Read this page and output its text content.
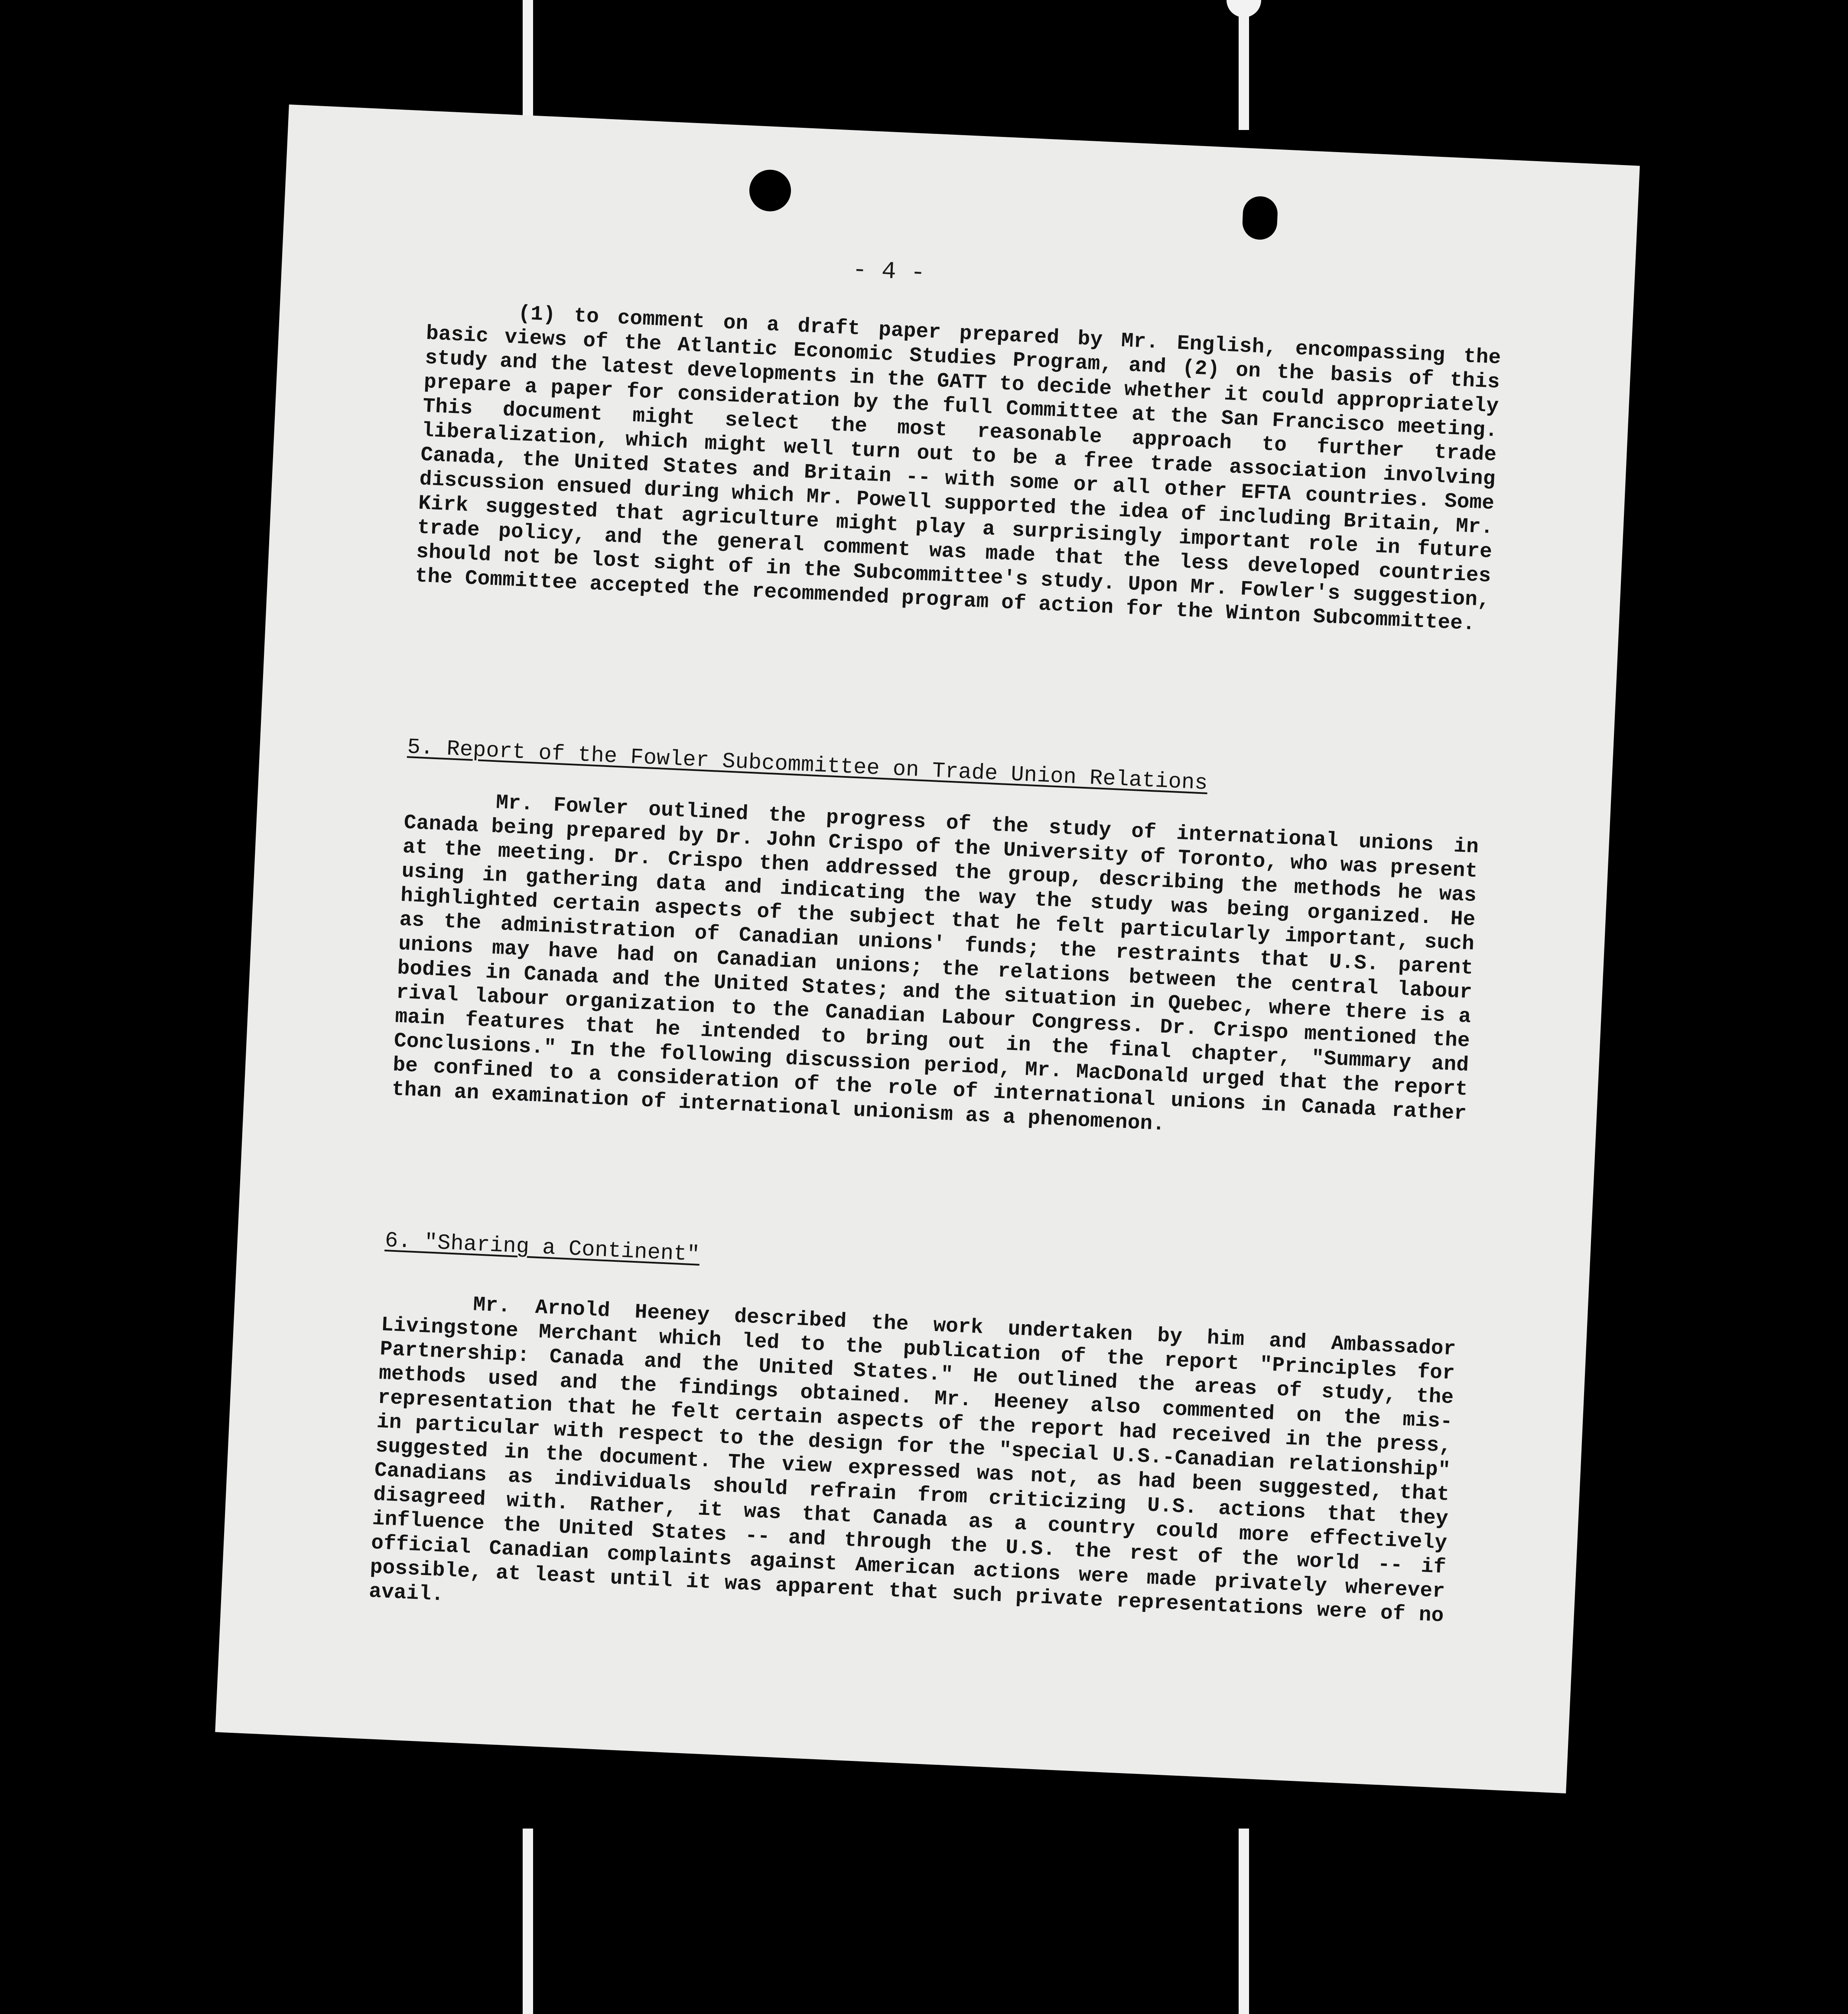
- 4 -

(1) to comment on a draft paper prepared by Mr. English, encompassing the basic views of the Atlantic Economic Studies Program, and (2) on the basis of this study and the latest developments in the GATT to decide whether it could appropriately prepare a paper for consideration by the full Committee at the San Francisco meeting. This document might select the most reasonable approach to further trade liberalization, which might well turn out to be a free trade association involving Canada, the United States and Britain -- with some or all other EFTA countries. Some discussion ensued during which Mr. Powell supported the idea of including Britain, Mr. Kirk suggested that agriculture might play a surprisingly important role in future trade policy, and the general comment was made that the less developed countries should not be lost sight of in the Subcommittee's study. Upon Mr. Fowler's suggestion, the Committee accepted the recommended program of action for the Winton Subcommittee.

5. Report of the Fowler Subcommittee on Trade Union Relations

Mr. Fowler outlined the progress of the study of international unions in Canada being prepared by Dr. John Crispo of the University of Toronto, who was present at the meeting. Dr. Crispo then addressed the group, describing the methods he was using in gathering data and indicating the way the study was being organized. He highlighted certain aspects of the subject that he felt particularly important, such as the administration of Canadian unions' funds; the restraints that U.S. parent unions may have had on Canadian unions; the relations between the central labour bodies in Canada and the United States; and the situation in Quebec, where there is a rival labour organization to the Canadian Labour Congress. Dr. Crispo mentioned the main features that he intended to bring out in the final chapter, "Summary and Conclusions." In the following discussion period, Mr. MacDonald urged that the report be confined to a consideration of the role of international unions in Canada rather than an examination of international unionism as a phenomenon.

6. "Sharing a Continent"

Mr. Arnold Heeney described the work undertaken by him and Ambassador Livingstone Merchant which led to the publication of the report "Principles for Partnership: Canada and the United States." He outlined the areas of study, the methods used and the findings obtained. Mr. Heeney also commented on the mis-representation that he felt certain aspects of the report had received in the press, in particular with respect to the design for the "special U.S.-Canadian relationship" suggested in the document. The view expressed was not, as had been suggested, that Canadians as individuals should refrain from criticizing U.S. actions that they disagreed with. Rather, it was that Canada as a country could more effectively influence the United States -- and through the U.S. the rest of the world -- if official Canadian complaints against American actions were made privately wherever possible, at least until it was apparent that such private representations were of no avail.
